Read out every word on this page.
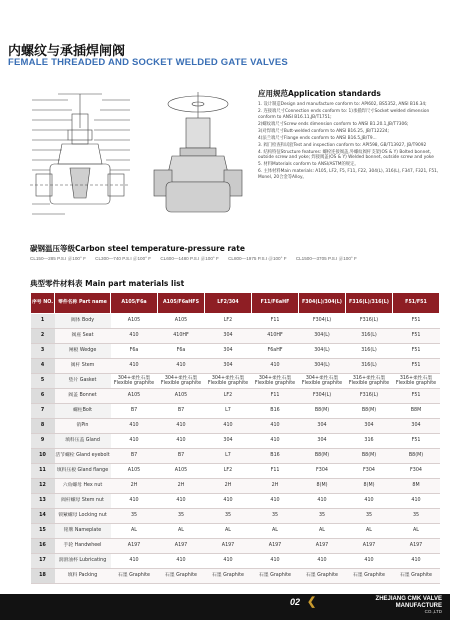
内螺纹与承插焊闸阀
FEMALE THREADED AND SOCKET WELDED GATE VALVES
应用规范Application standards
1. 设计制造Design and manufacture conform to: API602, BS5352, ANSI B16.34;
2. 连接端尺寸Connection ends conform to: 1)承插焊尺寸Socket welded dimension conform to ANSI B16.11,JB/T1751;
2)螺纹端尺寸Screw ends dimension conform to ANSI B1.20.1,JB/T7306;
3)对焊端尺寸Butt-welded conform to ANSI B16.25, JB/T12224;
4)法兰端尺寸Flange ends conform to ANSI B16.5,JB/T9...
3. 阀门检查和试验Test and inspection conform to: API598, GB/T13927, JB/T9092
4. 结构特征Structure features: 螺栓连接阀盖,外螺纹阀杆支架(OS & Y) Bolted bonnet, outside screw and yoke; 焊接阀盖(OS & Y) Welded bonnet, outside screw and yoke
5. 材料Materials conform to ANSI/ASTM的规定。
6. 主体材料Main materials: A105, LF2, F5, F11, F22, 304(L), 316(L), F347, F321, F51, Monel, 20合金等Alloy。
碳钢温压等级Carbon steel temperature-pressure rate
CL150—285 P.S.I ＠100° F CL300—740 P.S.I ＠100° F CL600—1480 P.S.I ＠100° F CL800—1975 P.S.I ＠100° F CL1500—3705 P.S.I ＠100° F
典型零件材料表 Main part materials list
序号 NO.	零件名称 Part name	A105/F6a	A105/F6aHFS	LF2/304	F11/F6aHF	F304(L)/304(L)	F316(L)/316(L)	F51/F51
1	阀体 Body	A105	A105	LF2	F11	F304(L)	F316(L)	F51
2	阀座 Seat	410	410HF	304	410HF	304(L)	316(L)	F51
3	闸板 Wedge	F6a	F6a	304	F6aHF	304(L)	316(L)	F51
4	阀杆 Stem	410	410	304	410	304(L)	316(L)	F51
5	垫片 Gasket	304+柔性石墨 Flexible graphite	304+柔性石墨 Flexible graphite	304+柔性石墨 Flexible graphite	304+柔性石墨 Flexible graphite	304+柔性石墨 Flexible graphite	316+柔性石墨 Flexible graphite	316+柔性石墨 Flexible graphite
6	阀盖 Bonnet	A105	A105	LF2	F11	F304(L)	F316(L)	F51
7	螺柱Bolt	B7	B7	L7	B16	B8(M)	B8(M)	B8M
8	销Pin	410	410	410	410	304	304	304
9	填料压盖 Gland	410	410	304	410	304	316	F51
10	活节螺栓 Gland eyebolt	B7	B7	L7	B16	B8(M)	B8(M)	B8(M)
11	填料压板 Gland flange	A105	A105	LF2	F11	F304	F304	F304
12	六角螺母 Hex nut	2H	2H	2H	2H	8(M)	8(M)	8M
13	阀杆螺母 Stem nut	410	410	410	410	410	410	410
14	锁紧螺母 Locking nut	35	35	35	35	35	35	35
15	铭牌 Nameplate	AL	AL	AL	AL	AL	AL	AL
16	手轮 Handwheel	A197	A197	A197	A197	A197	A197	A197
17	润滑油杯 Lubricating	410	410	410	410	410	410	410
18	填料 Packing	石墨 Graphite	石墨 Graphite	石墨 Graphite	石墨 Graphite	石墨 Graphite	石墨 Graphite	石墨 Graphite
02 ❮	ZHEJIANG CMK VALVE
MANUFACTURE
CO.,LTD
